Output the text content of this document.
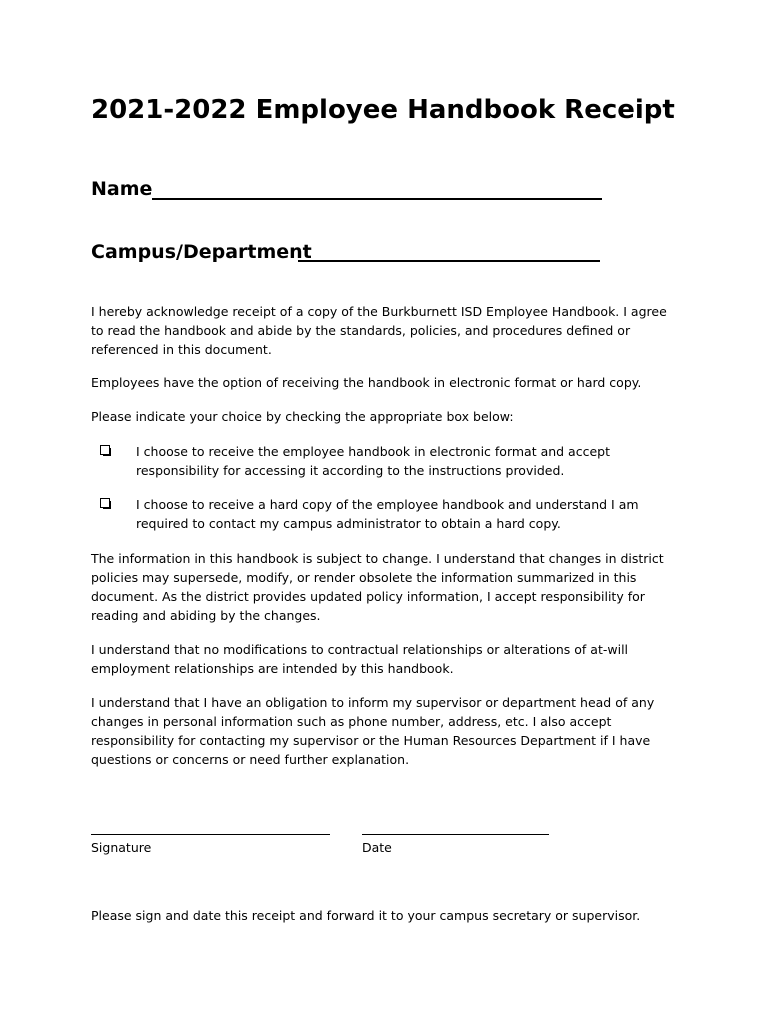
2021-2022 Employee Handbook Receipt
Name
Campus/Department

I hereby acknowledge receipt of a copy of the Burkburnett ISD Employee Handbook. I agree to read the handbook and abide by the standards, policies, and procedures defined or referenced in this document.

Employees have the option of receiving the handbook in electronic format or hard copy.

Please indicate your choice by checking the appropriate box below:

I choose to receive the employee handbook in electronic format and accept responsibility for accessing it according to the instructions provided.

I choose to receive a hard copy of the employee handbook and understand I am required to contact my campus administrator to obtain a hard copy.

The information in this handbook is subject to change. I understand that changes in district policies may supersede, modify, or render obsolete the information summarized in this document. As the district provides updated policy information, I accept responsibility for reading and abiding by the changes.

I understand that no modifications to contractual relationships or alterations of at-will employment relationships are intended by this handbook.

I understand that I have an obligation to inform my supervisor or department head of any changes in personal information such as phone number, address, etc. I also accept responsibility for contacting my supervisor or the Human Resources Department if I have questions or concerns or need further explanation.

Signature	Date

Please sign and date this receipt and forward it to your campus secretary or supervisor.
